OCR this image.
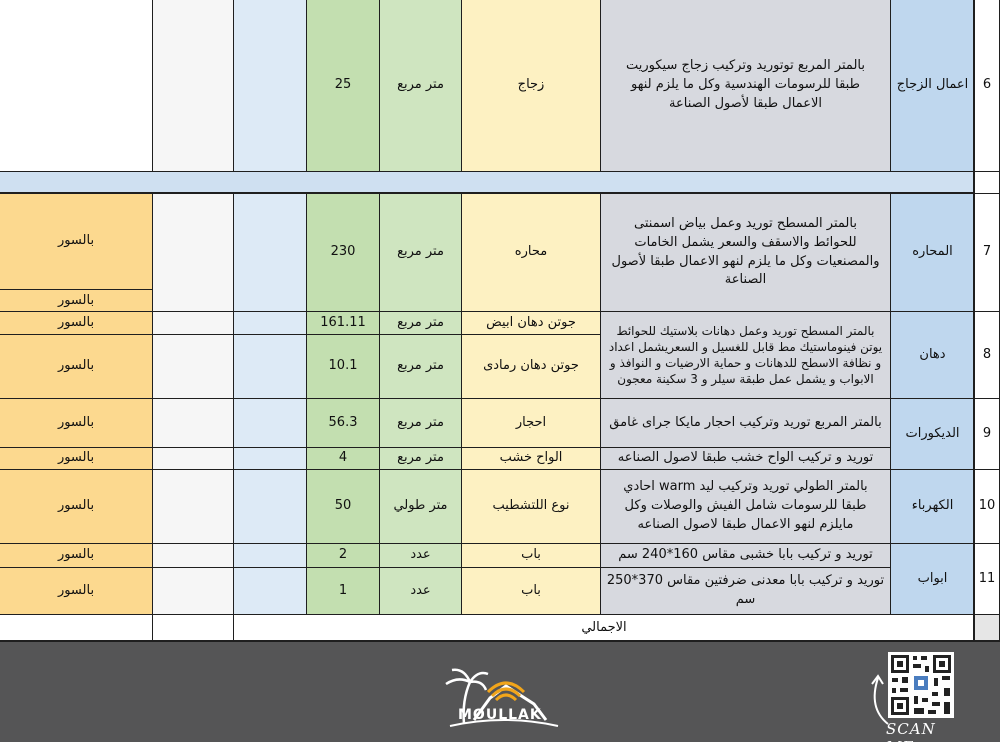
6
اعمال الزجاج
بالمتر المربع توتوريد وتركيب زجاج سيكوريت طبقا للرسومات الهندسية وكل ما يلزم لنهو الاعمال طبقا لأصول الصناعة
زجاج
متر مربع
25
7
المحاره
بالمتر المسطح توريد وعمل بياض اسمنتى للحوائط والاسقف والسعر يشمل الخامات والمصنعيات وكل ما يلزم لنهو الاعمال طبقا لأصول الصناعة
محاره
متر مربع
230
بالسور
بالسور
8
دهان
بالمتر المسطح توريد وعمل دهانات بلاستيك للحوائط يوتن فينوماستيك مط قابل للغسيل و السعريشمل اعداد و نظافة الاسطح للدهانات و حماية الارضيات و النوافذ و الابواب و يشمل عمل طبقة سيلر و 3 سكينة معجون
جوتن دهان ابيض
متر مربع
161.11
بالسور
جوتن دهان رمادى
متر مربع
10.1
بالسور
9
الديكورات
بالمتر المربع توريد وتركيب احجار مايكا جراى غامق
احجار
متر مربع
56.3
بالسور
توريد و تركيب الواح خشب طبقا لاصول الصناعه
الواح خشب
متر مربع
4
بالسور
10
الكهرباء
بالمتر الطولي توريد وتركيب ليد warm احادي طبقا للرسومات شامل الفيش والوصلات وكل مايلزم لنهو الاعمال طبقا لاصول الصناعه
نوع اللتشطيب
متر طولي
50
بالسور
11
ابواب
توريد و تركيب بابا خشبى مقاس 160*240 سم
باب
عدد
2
بالسور
توريد و تركيب بابا معدنى ضرفتين مقاس 370*250 سم
باب
عدد
1
بالسور
الاجمالي
MOULLAK
SCAN ME
